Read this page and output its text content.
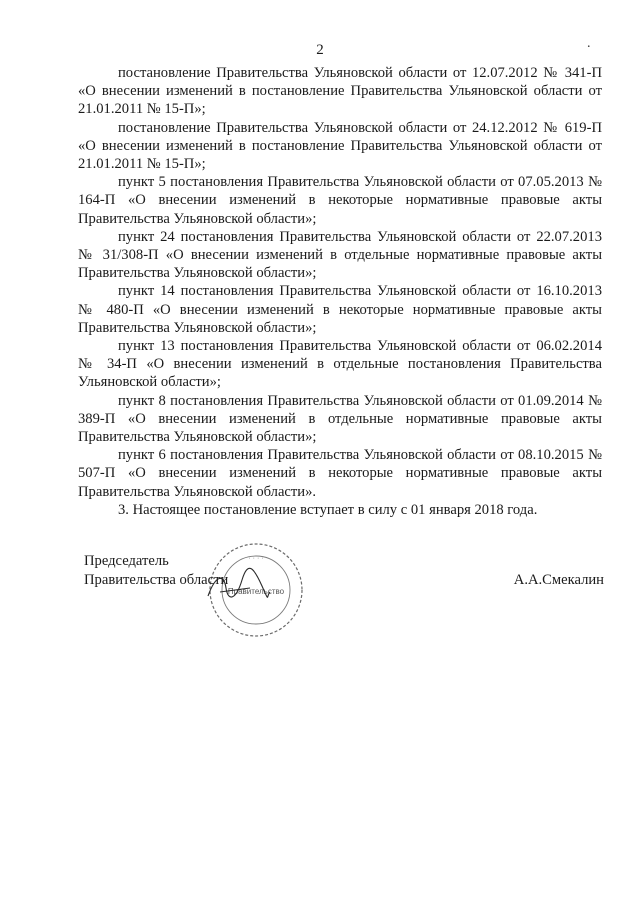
2	.

постановление Правительства Ульяновской области от 12.07.2012 № 341-П «О внесении изменений в постановление Правительства Ульяновской области от 21.01.2011 № 15-П»;

постановление Правительства Ульяновской области от 24.12.2012 № 619-П «О внесении изменений в постановление Правительства Ульяновской области от 21.01.2011 № 15-П»;

пункт 5 постановления Правительства Ульяновской области от 07.05.2013 № 164-П «О внесении изменений в некоторые нормативные правовые акты Правительства Ульяновской области»;

пункт 24 постановления Правительства Ульяновской области от 22.07.2013 № 31/308-П «О внесении изменений в отдельные нормативные правовые акты Правительства Ульяновской области»;

пункт 14 постановления Правительства Ульяновской области от 16.10.2013 № 480-П «О внесении изменений в некоторые нормативные правовые акты Правительства Ульяновской области»;

пункт 13 постановления Правительства Ульяновской области от 06.02.2014 № 34-П «О внесении изменений в отдельные постановления Правительства Ульяновской области»;

пункт 8 постановления Правительства Ульяновской области от 01.09.2014 № 389-П «О внесении изменений в отдельные нормативные правовые акты Правительства Ульяновской области»;

пункт 6 постановления Правительства Ульяновской области от 08.10.2015 № 507-П «О внесении изменений в некоторые нормативные правовые акты Правительства Ульяновской области».

3. Настоящее постановление вступает в силу с 01 января 2018 года.

· · · ·
Правительство
Председатель
Правительства области	А.А.Смекалин
